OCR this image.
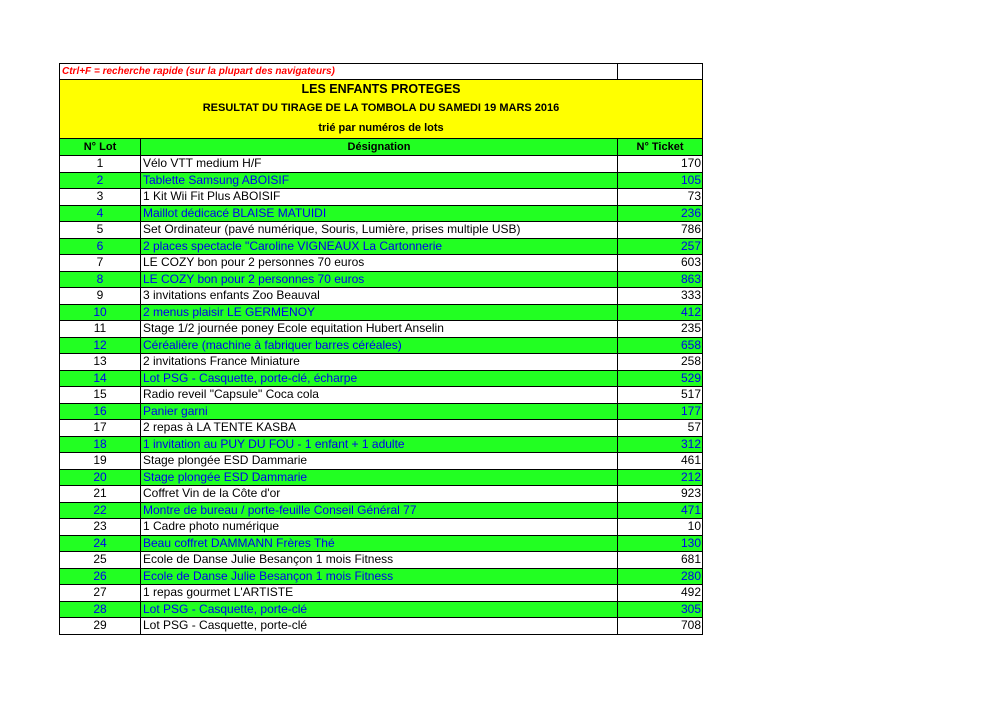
Ctrl+F = recherche rapide (sur la plupart des navigateurs)
LES ENFANTS PROTEGES
RESULTAT DU TIRAGE DE LA TOMBOLA DU SAMEDI 19 MARS 2016
trié par numéros de lots
N° Lot	Désignation	N° Ticket
1	Vélo VTT medium H/F	170
2	Tablette Samsung ABOISIF	105
3	1 Kit Wii Fit Plus ABOISIF	73
4	Maillot dédicacé BLAISE MATUIDI	236
5	Set Ordinateur (pavé numérique, Souris, Lumière, prises multiple USB)	786
6	2 places spectacle "Caroline VIGNEAUX La Cartonnerie	257
7	LE COZY bon pour 2 personnes 70 euros	603
8	LE COZY bon pour 2 personnes 70 euros	863
9	3 invitations enfants Zoo Beauval	333
10	2 menus plaisir LE GERMENOY	412
11	Stage 1/2 journée poney Ecole equitation Hubert Anselin	235
12	Céréalière (machine à fabriquer barres céréales)	658
13	2 invitations France Miniature	258
14	Lot PSG - Casquette, porte-clé, écharpe	529
15	Radio reveil "Capsule" Coca cola	517
16	Panier garni	177
17	2 repas à LA TENTE KASBA	57
18	1 invitation au PUY DU FOU - 1 enfant + 1 adulte	312
19	Stage plongée ESD Dammarie	461
20	Stage plongée ESD Dammarie	212
21	Coffret Vin de la Côte d'or	923
22	Montre de bureau / porte-feuille Conseil Général 77	471
23	1 Cadre photo numérique	10
24	Beau coffret DAMMANN Frères Thé	130
25	Ecole de Danse Julie Besançon 1 mois Fitness	681
26	Ecole de Danse Julie Besançon 1 mois Fitness	280
27	1 repas gourmet L'ARTISTE	492
28	Lot PSG - Casquette, porte-clé	305
29	Lot PSG - Casquette, porte-clé	708
